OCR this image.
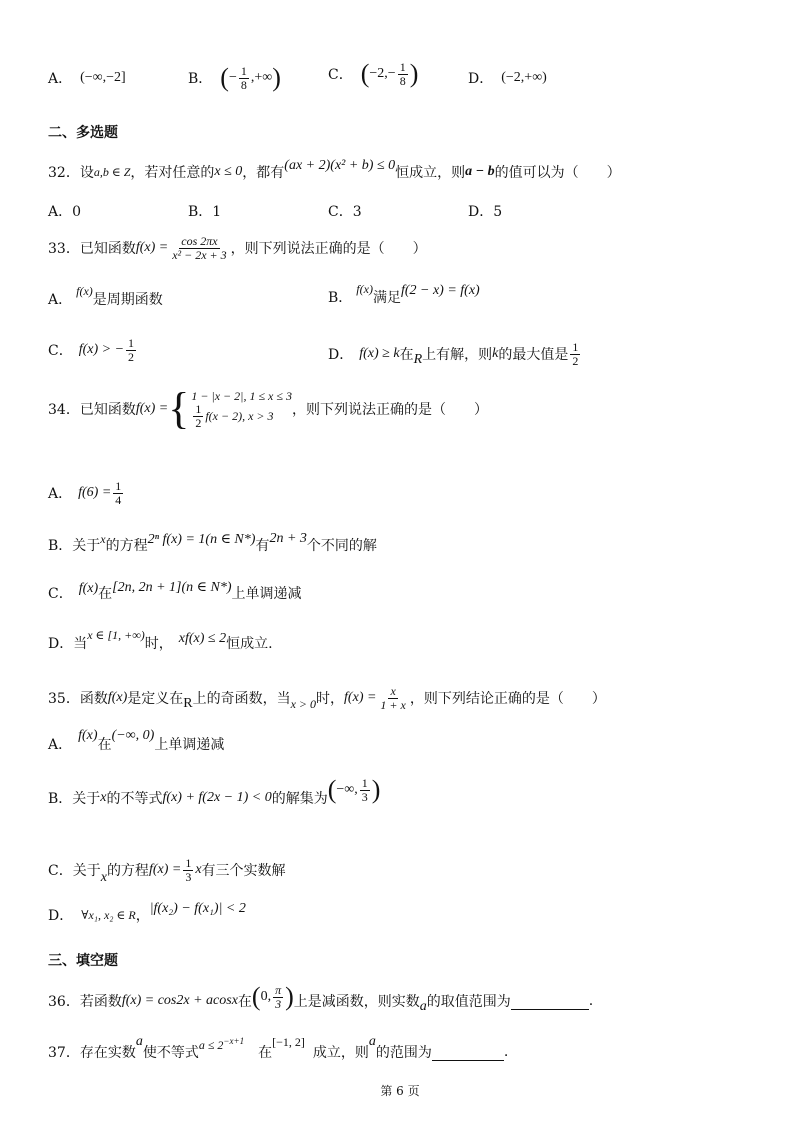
A． (−∞,−2]	B． ( − $\frac{1}{8}$ ,+∞ )	C． ( $-2,- \frac{1}{8}$ )	D． (−2,+∞)
二、多选题
32． 设 a,b ∈ Z ，若对任意的 x ≤ 0 ，都有 (ax + 2)(x² + b) ≤ 0 恒成立，则 a − b 的值可以为（　　）
A．0	B．1	C．3	D．5
33． 已知函数 $f(x) = \frac{\cos 2\pi x}{\text{x² − 2x + 3}}$ ，则下列说法正确的是（　　）
A．
f(x)
是周期函数	B．
f(x)
满足 f(2 − x) = f(x)
C． f(x) > − $\frac{1}{2}$	D． f(x) ≥ k 在 R 上有解，则 k 的最大值是 $\frac{1}{2}$
34． 已知函数 f(x) = { 1 − |x − 2|, 1 ≤ x ≤ 3
$\frac{1}{2} f(x - 2)$, x > 3 ，则下列说法正确的是（　　）
A． $f(6) = \frac{1}{4}$
B． 关于 x 的方程 2ⁿ f(x) = 1(n ∈ N*) 有 2n + 3 个不同的解
C． f(x) 在 [2n, 2n + 1](n ∈ N*) 上单调递减
D． 当
x ∈ [1, +∞)
时， xf(x) ≤ 2 恒成立.
35． 函数 f(x) 是定义在 R 上的奇函数，当 x > 0 时， $f(x) = \frac{x}{1 + x}$ ，则下列结论正确的是（　　）
A．
f(x)
在
(−∞, 0)
上单调递减
B． 关于 x 的不等式 f(x) + f(2x − 1) < 0 的解集为 ( −∞, $\frac{1}{3}$ )
C． 关于 x 的方程 $f(x) = \frac{1}{3}$ x 有三个实数解
D． ∀x₁, x₂ ∈ R ， |f(x₂) − f(x₁)| < 2
三、填空题
36． 若函数 f(x) = cos2x + acosx 在 ( 0, $\frac{\pi}{3}$ ) 上是减函数，则实数 a 的取值范围为	.
37． 存在实数
a
使不等式
$a \le 2^{-x+1}$
在
[−1, 2]
成立，则
a
的范围为	.
第 6 页
